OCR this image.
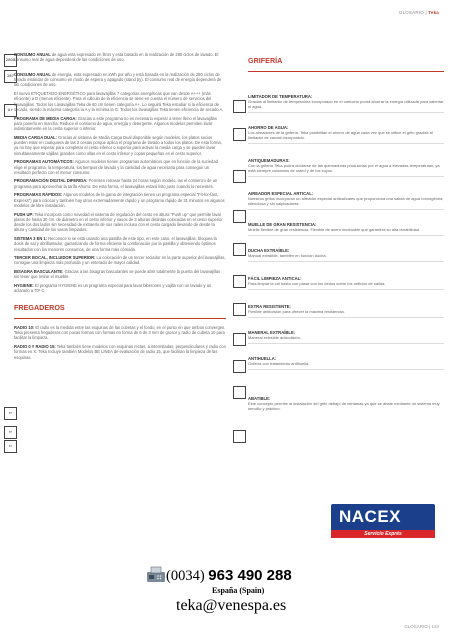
GLOSARIO | Tekа
2800
287
A+
rr
rr
rr

CONSUMO ANUAL de agua esta expresado en litros y esta basado en la realización de 280 ciclos de lavado. El consumo real de agua dependerá de las condiciones de uso.

CONSUMO ANUAL de energía, esta expresado en kWh por año y está basada en la realización de 280 ciclos de lavado estándar de consumo en modo de espera y apagado (stand by). El consumo real de energía dependerá de las condiciones de uso.

El nuevo ETIQUETADO ENERGÉTICO para lavavajillas 7 categorías energéticas que van desde A+++ (más eficiente) a D (menos eficiente). Para el cálculo de la eficiencia se tiene en cuenta el número de servicios del lavavajillas. Todos los Lavavajillas Teka de 60 cm tienen categoría A+. Lo seguirá Teka estudiar si la eficiencia de secado, siendo la máxima categoría la A y la mínima la G. Todos los lavavajillas Teka tienen eficiencia de secado A.

PROGRAMA DE MEDIA CARGA: Gracias a este programa no es necesario esperar a tener lleno el lavavajillas para ponerlo en marcha. Reduce el consumo de agua, energía y detergente. Algunos modelos permiten lavar indistintamente en la cesta superior o inferior.

MEDIA CARGA DUAL: Gracias al sistema de Media Carga Dual disponible según modelos, los platos sucios pueden estar en cualquiera de las 2 cestas porque aplica el programa de lavado a todos los platos. De esta forma, ya no hay que esperar para completar el cesto inferior o superior para activar la media carga y se pueden lavar simultáneamente vajillas grandes como ollas en el cesto inferior y copas pequeñas en el cesto superior.

PROGRAMAS AUTOMÁTICOS: Algunos modelos tienen programas automáticos que en función de la suciedad elige el programa, la temperatura, los tiempos de lavado y la cantidad de agua necesaria para conseguir un resultado perfecto con el menor consumo.

PROGRAMACIÓN DIGITAL DIFERIDA: Permiten retrasar hasta 24 horas según modelo, las el comienzo de un programa para aprovechar la tarifa Ahorro. De esta forma, el lavavajillas estará listo justo cuando lo necesites.

PROGRAMAS RÁPIDOS: Algunos modelos de la gama de integración tienen un programa especial "Fit-for-fast, Express") para colocar y también hay otros extremadamente rápido y un programa rápido de 31 minutos en algunos modelos de libre instalación.

PUSH UP: Teka incorpora como novedad el sistema de regulación del cesto en altura "Push up" que permite lavar platos de hasta 30 cm. de diámetro en el cesto inferior y vasos de 3 alturas distintas colocadas en el cesto superior desde los dos lados sin necesidad de extraerlo de sus railes incluso con el cesto cargado llevando de desde la altura y cantidad de los vasos limpiados.

SISTEMA 3 EN 1: Reconoce si se está usando una pastilla de este tipo, en este caso, el lavavajillas, bloquea la dosis de sal y abrillantador, garantizando de forma eficiente la combinación por la pastilla y obteniendo óptimos resultados con los menores consumos, de una forma más cómoda.

TERCER BOCAL, INCLUIDOR SUPERIOR: La colocación de un tercer rociador en la parte superior del lavavajillas, consigue una limpieza más profunda y un enterado de mayor calidad.

BISAGRA BASCULANTE: Gracias a las bisagras basculantes se puede abrir totalmente la puerta del lavavajillas sin tener que retirar el mueble.

HYGIENE: El programa HYGIENE es un programa especial para lavar biberones y vajilla con un lavado y un aclarado a 70º C.

FREGADEROS

RADIO 10: El radio es la medida entre las esquinas de las cubetas y el fondo, en el punto en que ambos convergen. Teka presenta fregaderos con pocas formas con formas en forma de 6 de 3 mm de grosor y radio de cubeta 10 para facilitar la limpieza.

RADIO 0 Y RADIO 15: Teka también tiene modelos con esquinas rectas, a intermitadas, perpendiculares y radio con formas en X. Teka Incluye también Modelos BE LINEA de evaluación de radio 15, que facilitan la limpieza de las esquinas.

GRIFERÍA
LIMITADOR DE TEMPERATURA:
Gracias al limitador de temperatura incorporado en el cartucho podrá ahorrar la energía utilizada para calentar el agua.
AHORRO DE AGUA:
Los aireadores de la grifería. Teka posibilitan el ahorro de agua cada vez que se utilice el grifo gracias al limitador de caudal incorporado.
ANTIQUEMADURAS:
Con la grifería Teka podrá olvidarse de las quemaduras producidas por el agua a elevadas temperaturas, ya está siempre cuidamos de usted y de los suyos.
AIREADOR ESPECIAL ARTICAL:
Nuestros grifos incorporan un aireador especial antical/cales que proporciona una salida de agua homogénea, silenciosa y sin salpicaduras.
MUELLE DE GRAN RESISTENCIA:
Muelle flexible de gran resistencia. Flexible de acero inoxidable que garantiza su alta durabilidad.
DUCHA EXTRAÍBLE:
Manual extraíble, también en función ducha.
FÁCIL LIMPIEZA ANTICAL:
Para limpiar la cal basta con pasar con los dedos sobre los orificios de salida.
EXTRA RESISTENTE:
Flexible antitorsión para ofrecer la máxima resistencia.
MANERAL EXTRAÍBLE:
Maneral extraíble anticolisión.
ANTIHUELLA:
Grifería con tratamiento antihuella.
ABATIBLE:
Este concepto permite la instalación del grifo debajo de ventanas ya que se abate mediante un sistema muy sencillo y práctico.
NACEX
Servicio Exprés
(0034) 963 490 288
España (Spain)
teka@venespa.es
GLOSARIO | 133
